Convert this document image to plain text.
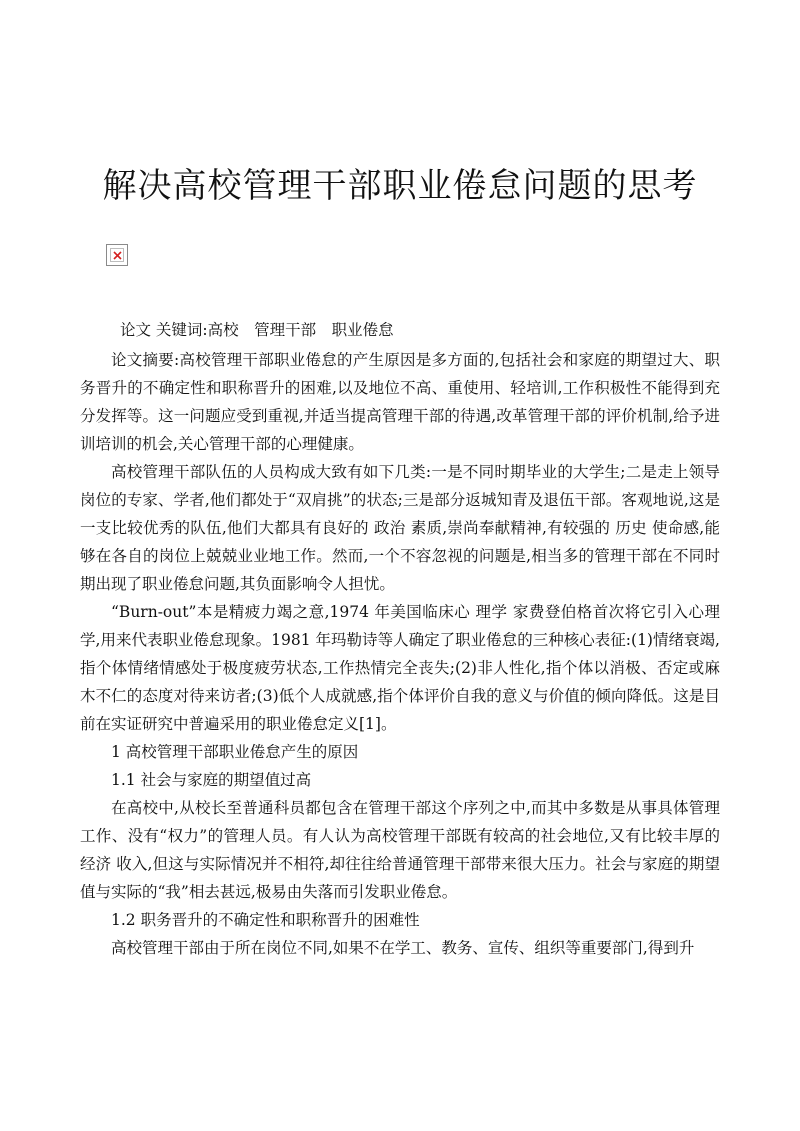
解决高校管理干部职业倦怠问题的思考

论文 关键词:高校　管理干部　职业倦怠

论文摘要:高校管理干部职业倦怠的产生原因是多方面的,包括社会和家庭的期望过大、职务晋升的不确定性和职称晋升的困难,以及地位不高、重使用、轻培训,工作积极性不能得到充分发挥等。这一问题应受到重视,并适当提高管理干部的待遇,改革管理干部的评价机制,给予进训培训的机会,关心管理干部的心理健康。

高校管理干部队伍的人员构成大致有如下几类:一是不同时期毕业的大学生;二是走上领导岗位的专家、学者,他们都处于“双肩挑”的状态;三是部分返城知青及退伍干部。客观地说,这是一支比较优秀的队伍,他们大都具有良好的 政治 素质,崇尚奉献精神,有较强的 历史 使命感,能够在各自的岗位上兢兢业业地工作。然而,一个不容忽视的问题是,相当多的管理干部在不同时期出现了职业倦怠问题,其负面影响令人担忧。

“Burn-out”本是精疲力竭之意,1974 年美国临床心 理学 家费登伯格首次将它引入心理学,用来代表职业倦怠现象。1981 年玛勒诗等人确定了职业倦怠的三种核心表征:(1)情绪衰竭,指个体情绪情感处于极度疲劳状态,工作热情完全丧失;(2)非人性化,指个体以消极、否定或麻木不仁的态度对待来访者;(3)低个人成就感,指个体评价自我的意义与价值的倾向降低。这是目前在实证研究中普遍采用的职业倦怠定义[1]。

1 高校管理干部职业倦怠产生的原因

1.1 社会与家庭的期望值过高

在高校中,从校长至普通科员都包含在管理干部这个序列之中,而其中多数是从事具体管理工作、没有“权力”的管理人员。有人认为高校管理干部既有较高的社会地位,又有比较丰厚的 经济 收入,但这与实际情况并不相符,却往往给普通管理干部带来很大压力。社会与家庭的期望值与实际的“我”相去甚远,极易由失落而引发职业倦怠。

1.2 职务晋升的不确定性和职称晋升的困难性

高校管理干部由于所在岗位不同,如果不在学工、教务、宣传、组织等重要部门,得到升
